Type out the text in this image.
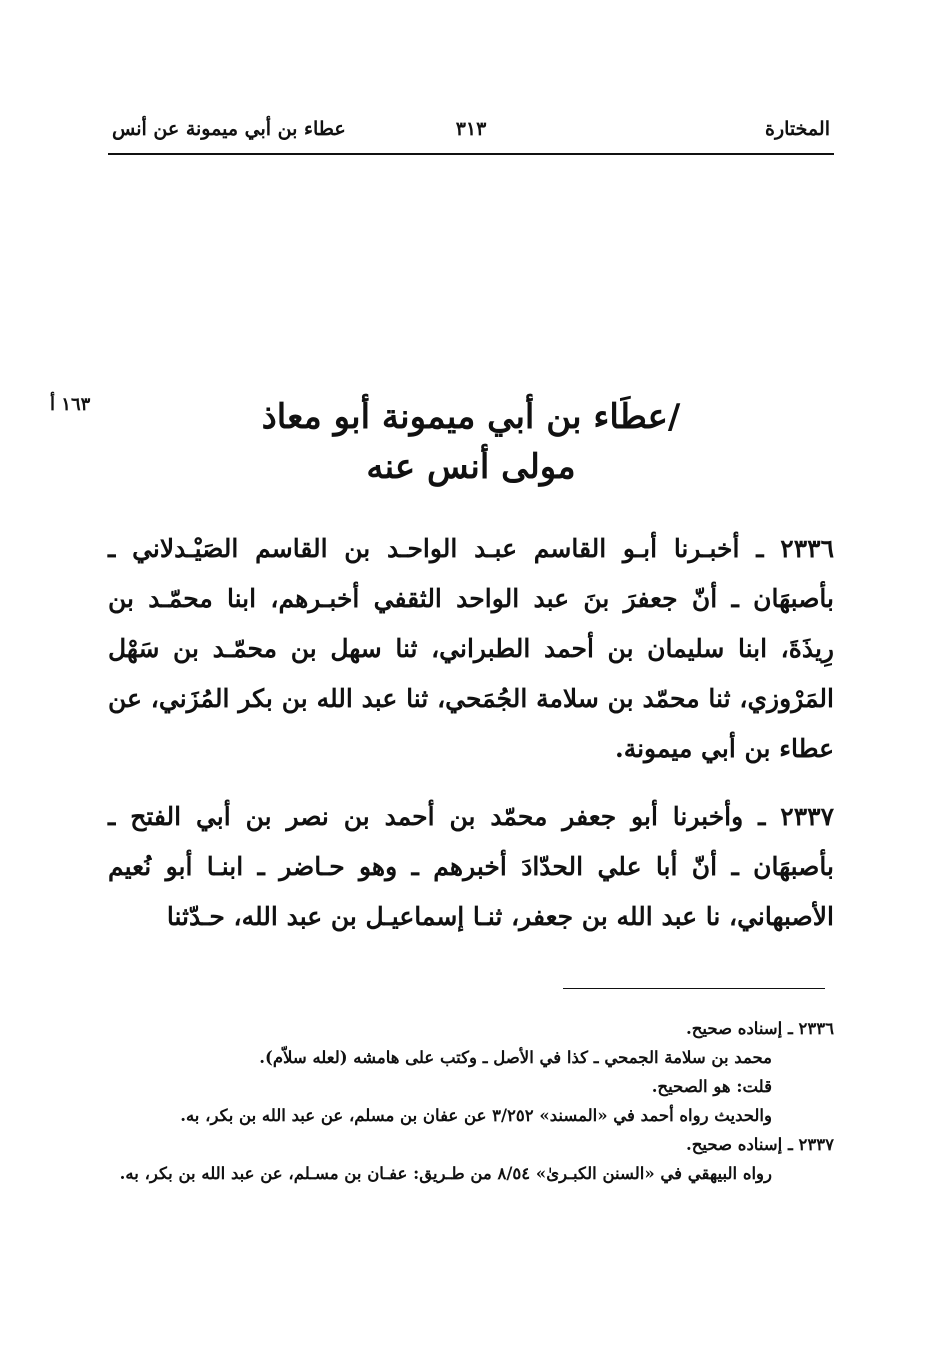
المختارة
٣١٣
عطاء بن أبي ميمونة عن أنس
١٦٣ أ	/عطَاء بن أبي ميمونة أبو معاذ
مولى أنس عنه

٢٣٣٦ ـ أخبـرنا أبـو القاسم عبـد الواحـد بن القاسم الصَيْـدلاني ـ بأصبهَان ـ أنّ جعفرَ بنَ عبد الواحد الثقفي أخبـرهم، ابنا محمّـد بن رِيذَةَ، ابنا سليمان بن أحمد الطبراني، ثنا سهل بن محمّـد بن سَهْل المَرْوزي، ثنا محمّد بن سلامة الجُمَحي، ثنا عبد الله بن بكر المُزَني، عن عطاء بن أبي ميمونة.

٢٣٣٧ ـ وأخبرنا أبو جعفر محمّد بن أحمد بن نصر بن أبي الفتح ـ بأصبهَان ـ أنّ أبا علي الحدّادَ أخبرهم ـ وهو حـاضر ـ ابنـا أبو نُعيم الأصبهاني، نا عبد الله بن جعفر، ثنـا إسماعيـل بن عبد الله، حـدّثنا

٢٣٣٦ ـ إسناده صحيح.

محمد بن سلامة الجمحي ـ كذا في الأصل ـ وكتب على هامشه (لعله سلاّم).

قلت: هو الصحيح.

والحديث رواه أحمد في «المسند» ٣/٢٥٢ عن عفان بن مسلم، عن عبد الله بن بكر، به.

٢٣٣٧ ـ إسناده صحيح.

رواه البيهقي في «السنن الكبـرىٰ» ٨/٥٤ من طـريق: عفـان بن مسـلم، عن عبد الله بن بكر، به.
